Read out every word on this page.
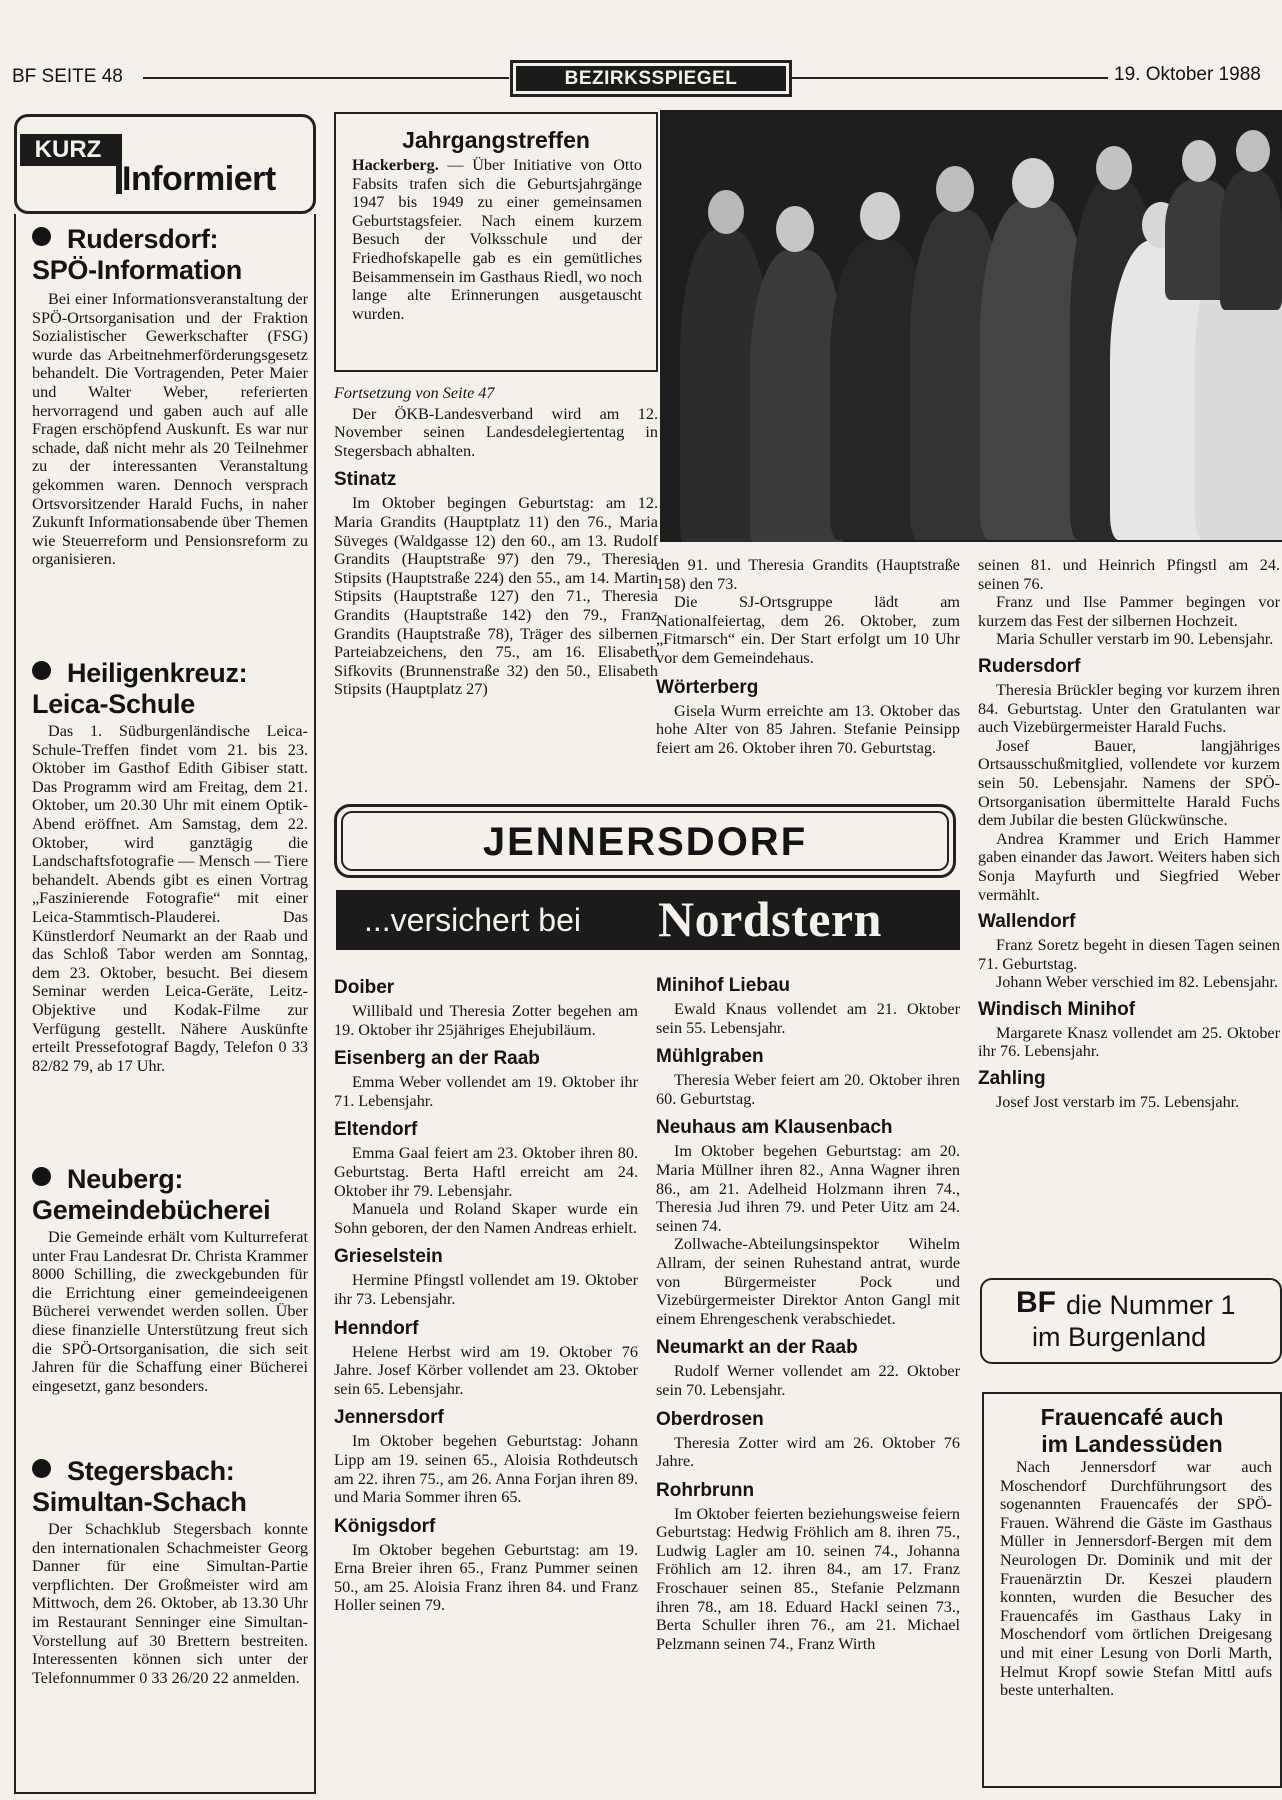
BF SEITE 48	BEZIRKSSPIEGEL	19. Oktober 1988
KURZ
Informiert
Rudersdorf:
SPÖ-Information
Bei einer Informationsveranstaltung der SPÖ-Ortsorganisation und der Fraktion Sozialistischer Gewerkschafter (FSG) wurde das Arbeitnehmerförderungsgesetz behandelt. Die Vortragenden, Peter Maier und Walter Weber, referierten hervorragend und gaben auch auf alle Fragen erschöpfend Auskunft. Es war nur schade, daß nicht mehr als 20 Teilnehmer zu der interessanten Veranstaltung gekommen waren. Dennoch versprach Ortsvorsitzender Harald Fuchs, in naher Zukunft Informationsabende über Themen wie Steuerreform und Pensionsreform zu organisieren.
Heiligenkreuz:
Leica-Schule
Das 1. Südburgenländische Leica-Schule-Treffen findet vom 21. bis 23. Oktober im Gasthof Edith Gibiser statt. Das Programm wird am Freitag, dem 21. Oktober, um 20.30 Uhr mit einem Optik-Abend eröffnet. Am Samstag, dem 22. Oktober, wird ganztägig die Landschaftsfotografie — Mensch — Tiere behandelt. Abends gibt es einen Vortrag „Faszinierende Fotografie“ mit einer Leica-Stammtisch-Plauderei. Das Künstlerdorf Neumarkt an der Raab und das Schloß Tabor werden am Sonntag, dem 23. Oktober, besucht. Bei diesem Seminar werden Leica-Geräte, Leitz-Objektive und Kodak-Filme zur Verfügung gestellt. Nähere Auskünfte erteilt Pressefotograf Bagdy, Telefon 0 33 82/82 79, ab 17 Uhr.
Neuberg:
Gemeindebücherei
Die Gemeinde erhält vom Kulturreferat unter Frau Landesrat Dr. Christa Krammer 8000 Schilling, die zweckgebunden für die Errichtung einer gemeindeeigenen Bücherei verwendet werden sollen. Über diese finanzielle Unterstützung freut sich die SPÖ-Ortsorganisation, die sich seit Jahren für die Schaffung einer Bücherei eingesetzt, ganz besonders.
Stegersbach:
Simultan-Schach
Der Schachklub Stegersbach konnte den internationalen Schachmeister Georg Danner für eine Simultan-Partie verpflichten. Der Großmeister wird am Mittwoch, dem 26. Oktober, ab 13.30 Uhr im Restaurant Senninger eine Simultan-Vorstellung auf 30 Brettern bestreiten. Interessenten können sich unter der Telefonnummer 0 33 26/20 22 anmelden.
Jahrgangstreffen
Hackerberg. — Über Initiative von Otto Fabsits trafen sich die Geburtsjahrgänge 1947 bis 1949 zu einer gemeinsamen Geburtstagsfeier. Nach einem kurzem Besuch der Volksschule und der Friedhofskapelle gab es ein gemütliches Beisammensein im Gasthaus Riedl, wo noch lange alte Erinnerungen ausgetauscht wurden.
Fortsetzung von Seite 47

Der ÖKB-Landesverband wird am 12. November seinen Landesdelegiertentag in Stegersbach abhalten.

Stinatz

Im Oktober begingen Geburtstag: am 12. Maria Grandits (Hauptplatz 11) den 76., Maria Süveges (Waldgasse 12) den 60., am 13. Rudolf Grandits (Hauptstraße 97) den 79., Theresia Stipsits (Hauptstraße 224) den 55., am 14. Martin Stipsits (Hauptstraße 127) den 71., Theresia Grandits (Hauptstraße 142) den 79., Franz Grandits (Hauptstraße 78), Träger des silbernen Parteiabzeichens, den 75., am 16. Elisabeth Sifkovits (Brunnenstraße 32) den 50., Elisabeth Stipsits (Hauptplatz 27)

den 91. und Theresia Grandits (Hauptstraße 158) den 73.

Die SJ-Ortsgruppe lädt am Nationalfeiertag, dem 26. Oktober, zum „Fitmarsch“ ein. Der Start erfolgt um 10 Uhr vor dem Gemeindehaus.

Wörterberg

Gisela Wurm erreichte am 13. Oktober das hohe Alter von 85 Jahren. Stefanie Peinsipp feiert am 26. Oktober ihren 70. Geburtstag.

seinen 81. und Heinrich Pfingstl am 24. seinen 76.

Franz und Ilse Pammer begingen vor kurzem das Fest der silbernen Hochzeit.

Maria Schuller verstarb im 90. Lebensjahr.

Rudersdorf

Theresia Brückler beging vor kurzem ihren 84. Geburtstag. Unter den Gratulanten war auch Vizebürgermeister Harald Fuchs.

Josef Bauer, langjähriges Ortsausschußmitglied, vollendete vor kurzem sein 50. Lebensjahr. Namens der SPÖ-Ortsorganisation übermittelte Harald Fuchs dem Jubilar die besten Glückwünsche.

Andrea Krammer und Erich Hammer gaben einander das Jawort. Weiters haben sich Sonja Mayfurth und Siegfried Weber vermählt.

Wallendorf

Franz Soretz begeht in diesen Tagen seinen 71. Geburtstag.

Johann Weber verschied im 82. Lebensjahr.

Windisch Minihof

Margarete Knasz vollendet am 25. Oktober ihr 76. Lebensjahr.

Zahling

Josef Jost verstarb im 75. Lebensjahr.

JENNERSDORF
...versichert bei Nordstern
Doiber

Willibald und Theresia Zotter begehen am 19. Oktober ihr 25jähriges Ehejubiläum.

Eisenberg an der Raab

Emma Weber vollendet am 19. Oktober ihr 71. Lebensjahr.

Eltendorf

Emma Gaal feiert am 23. Oktober ihren 80. Geburtstag. Berta Haftl erreicht am 24. Oktober ihr 79. Lebensjahr.

Manuela und Roland Skaper wurde ein Sohn geboren, der den Namen Andreas erhielt.

Grieselstein

Hermine Pfingstl vollendet am 19. Oktober ihr 73. Lebensjahr.

Henndorf

Helene Herbst wird am 19. Oktober 76 Jahre. Josef Körber vollendet am 23. Oktober sein 65. Lebensjahr.

Jennersdorf

Im Oktober begehen Geburtstag: Johann Lipp am 19. seinen 65., Aloisia Rothdeutsch am 22. ihren 75., am 26. Anna Forjan ihren 89. und Maria Sommer ihren 65.

Königsdorf

Im Oktober begehen Geburtstag: am 19. Erna Breier ihren 65., Franz Pummer seinen 50., am 25. Aloisia Franz ihren 84. und Franz Holler seinen 79.

Minihof Liebau

Ewald Knaus vollendet am 21. Oktober sein 55. Lebensjahr.

Mühlgraben

Theresia Weber feiert am 20. Oktober ihren 60. Geburtstag.

Neuhaus am Klausenbach

Im Oktober begehen Geburtstag: am 20. Maria Müllner ihren 82., Anna Wagner ihren 86., am 21. Adelheid Holzmann ihren 74., Theresia Jud ihren 79. und Peter Uitz am 24. seinen 74.

Zollwache-Abteilungsinspektor Wihelm Allram, der seinen Ruhestand antrat, wurde von Bürgermeister Pock und Vizebürgermeister Direktor Anton Gangl mit einem Ehrengeschenk verabschiedet.

Neumarkt an der Raab

Rudolf Werner vollendet am 22. Oktober sein 70. Lebensjahr.

Oberdrosen

Theresia Zotter wird am 26. Oktober 76 Jahre.

Rohrbrunn

Im Oktober feierten beziehungsweise feiern Geburtstag: Hedwig Fröhlich am 8. ihren 75., Ludwig Lagler am 10. seinen 74., Johanna Fröhlich am 12. ihren 84., am 17. Franz Froschauer seinen 85., Stefanie Pelzmann ihren 78., am 18. Eduard Hackl seinen 73., Berta Schuller ihren 76., am 21. Michael Pelzmann seinen 74., Franz Wirth

BF die Nummer 1
im Burgenland
Frauencafé auch
im Landessüden
Nach Jennersdorf war auch Moschendorf Durchführungsort des sogenannten Frauencafés der SPÖ-Frauen. Während die Gäste im Gasthaus Müller in Jennersdorf-Bergen mit dem Neurologen Dr. Dominik und mit der Frauenärztin Dr. Keszei plaudern konnten, wurden die Besucher des Frauencafés im Gasthaus Laky in Moschendorf vom örtlichen Dreigesang und mit einer Lesung von Dorli Marth, Helmut Kropf sowie Stefan Mittl aufs beste unterhalten.
